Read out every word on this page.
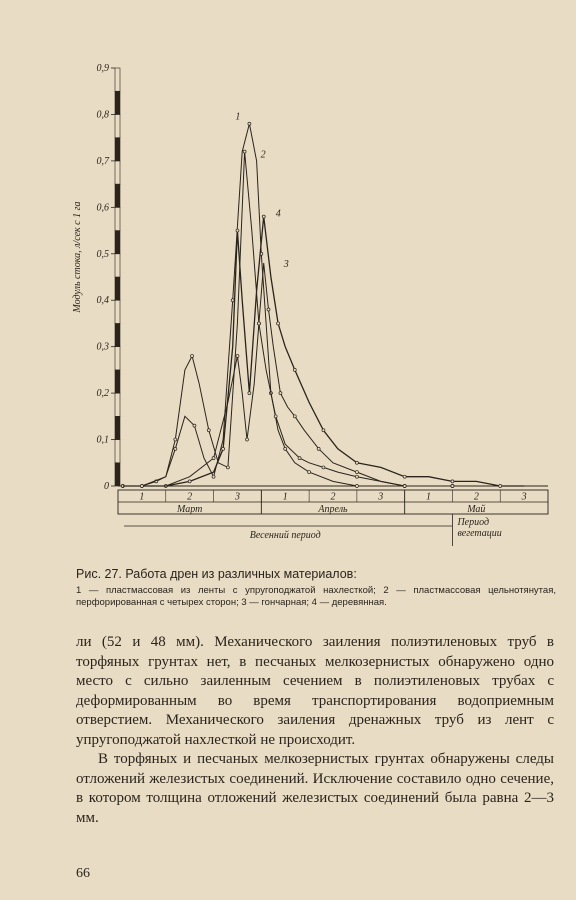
0
0,1
0,2
0,3
0,4
0,5
0,6
0,7
0,8
0,9
1	2	3	1	2	3	1	2	3
Март	Апрель	Май
Весенний период
Период
вегетации
1
2
3
4
Модуль стока, л/сек с 1 га
Рис. 27. Работа дрен из различных материалов:
1 — пластмассовая из ленты с упругоподжатой нахлесткой; 2 — пластмассовая цельнотянутая, перфорированная с четырех сторон; 3 — гончарная; 4 — деревянная.

ли (52 и 48 мм). Механического заиления полиэтиленовых труб в торфяных грунтах нет, в песчаных мелкозернистых обнаружено одно место с сильно заиленным сечением в полиэтиленовых трубах с деформированным во время транспортирования водоприемным отверстием. Механического заиления дренажных труб из лент с упругоподжатой нахлесткой не происходит.

В торфяных и песчаных мелкозернистых грунтах обнаружены следы отложений железистых соединений. Исключение составило одно сечение, в котором толщина отложений железистых соединений была равна 2—3 мм.

66
